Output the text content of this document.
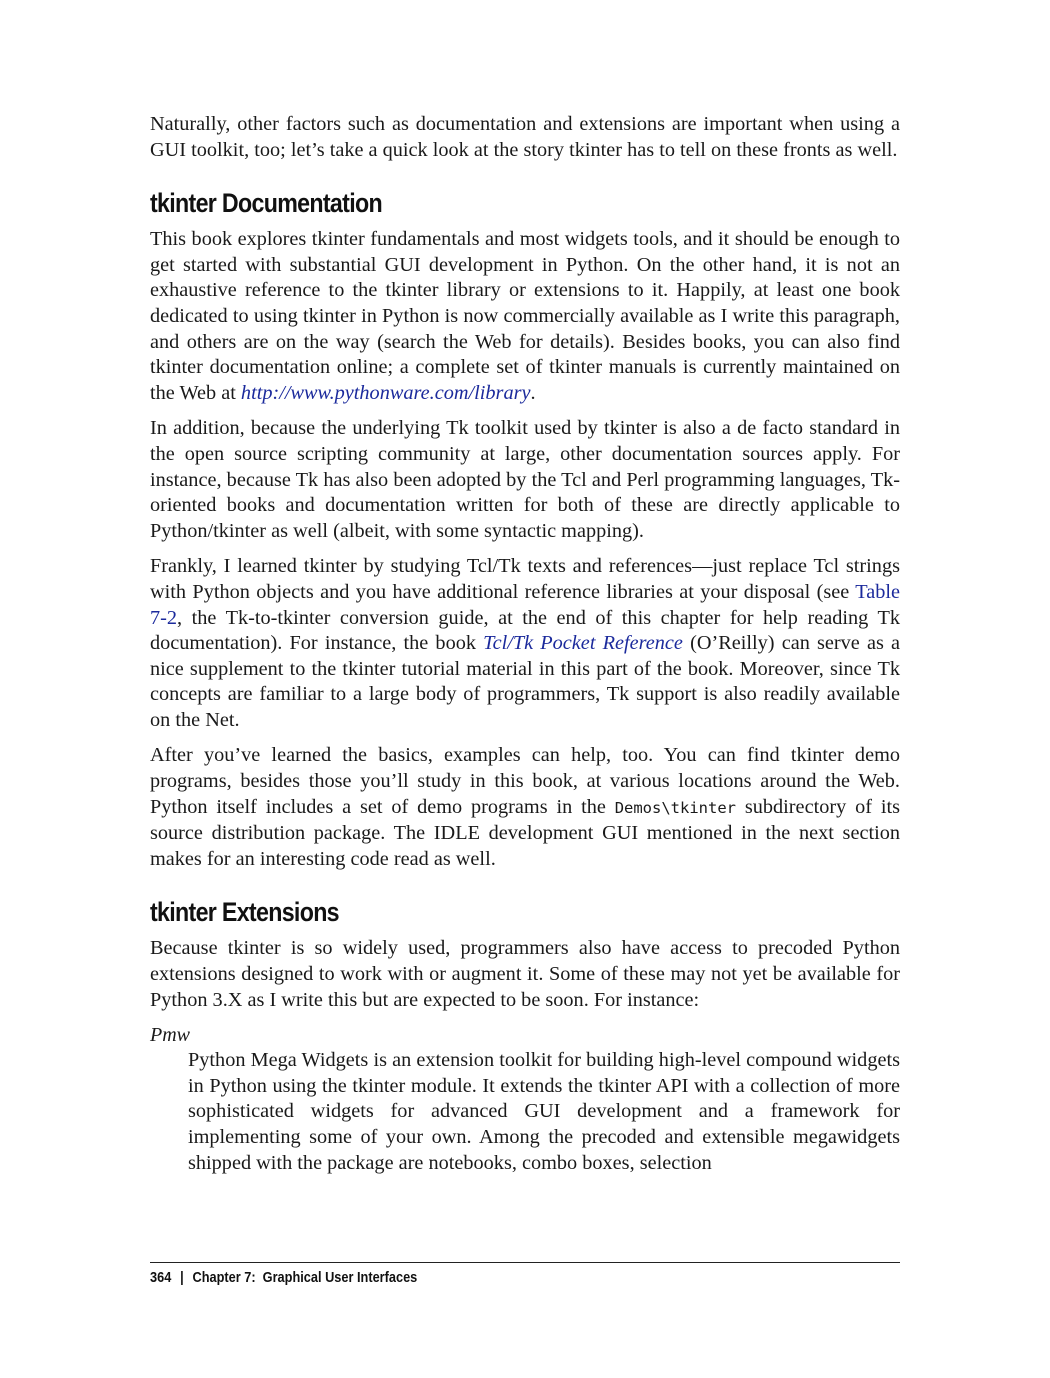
Naturally, other factors such as documentation and extensions are important when using a GUI toolkit, too; let’s take a quick look at the story tkinter has to tell on these fronts as well.

tkinter Documentation

This book explores tkinter fundamentals and most widgets tools, and it should be enough to get started with substantial GUI development in Python. On the other hand, it is not an exhaustive reference to the tkinter library or extensions to it. Happily, at least one book dedicated to using tkinter in Python is now commercially available as I write this paragraph, and others are on the way (search the Web for details). Besides books, you can also find tkinter documentation online; a complete set of tkinter manuals is currently maintained on the Web at http://www.pythonware.com/library.

In addition, because the underlying Tk toolkit used by tkinter is also a de facto standard in the open source scripting community at large, other documentation sources apply. For instance, because Tk has also been adopted by the Tcl and Perl programming languages, Tk-oriented books and documentation written for both of these are directly applicable to Python/tkinter as well (albeit, with some syntactic mapping).

Frankly, I learned tkinter by studying Tcl/Tk texts and references—just replace Tcl strings with Python objects and you have additional reference libraries at your disposal (see Table 7-2, the Tk-to-tkinter conversion guide, at the end of this chapter for help reading Tk documentation). For instance, the book Tcl/Tk Pocket Reference (O’Reilly) can serve as a nice supplement to the tkinter tutorial material in this part of the book. Moreover, since Tk concepts are familiar to a large body of programmers, Tk support is also readily available on the Net.

After you’ve learned the basics, examples can help, too. You can find tkinter demo programs, besides those you’ll study in this book, at various locations around the Web. Python itself includes a set of demo programs in the Demos\tkinter subdirectory of its source distribution package. The IDLE development GUI mentioned in the next section makes for an interesting code read as well.

tkinter Extensions

Because tkinter is so widely used, programmers also have access to precoded Python extensions designed to work with or augment it. Some of these may not yet be available for Python 3.X as I write this but are expected to be soon. For instance:

Pmw

Python Mega Widgets is an extension toolkit for building high-level compound widgets in Python using the tkinter module. It extends the tkinter API with a collection of more sophisticated widgets for advanced GUI development and a framework for implementing some of your own. Among the precoded and extensible megawidgets shipped with the package are notebooks, combo boxes, selection

364 | Chapter 7:  Graphical User Interfaces
